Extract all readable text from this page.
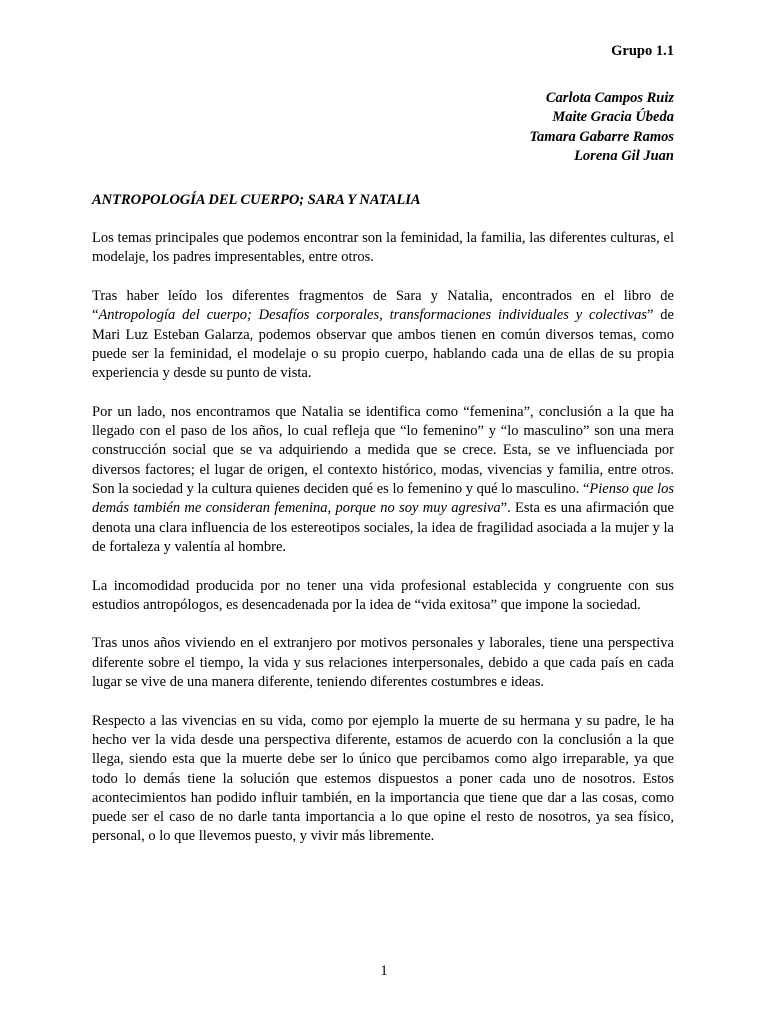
Grupo 1.1
Carlota Campos Ruiz
Maite Gracia Úbeda
Tamara Gabarre Ramos
Lorena Gil Juan
ANTROPOLOGÍA DEL CUERPO; SARA Y NATALIA

Los temas principales que podemos encontrar son la feminidad, la familia, las diferentes culturas, el modelaje, los padres impresentables, entre otros.

Tras haber leído los diferentes fragmentos de Sara y Natalia, encontrados en el libro de “Antropología del cuerpo; Desafíos corporales, transformaciones individuales y colectivas” de Mari Luz Esteban Galarza, podemos observar que ambos tienen en común diversos temas, como puede ser la feminidad, el modelaje o su propio cuerpo, hablando cada una de ellas de su propia experiencia y desde su punto de vista.

Por un lado, nos encontramos que Natalia se identifica como “femenina”, conclusión a la que ha llegado con el paso de los años, lo cual refleja que “lo femenino” y “lo masculino” son una mera construcción social que se va adquiriendo a medida que se crece. Esta, se ve influenciada por diversos factores; el lugar de origen, el contexto histórico, modas, vivencias y familia, entre otros. Son la sociedad y la cultura quienes deciden qué es lo femenino y qué lo masculino. “Pienso que los demás también me consideran femenina, porque no soy muy agresiva”. Esta es una afirmación que denota una clara influencia de los estereotipos sociales, la idea de fragilidad asociada a la mujer y la de fortaleza y valentía al hombre.

La incomodidad producida por no tener una vida profesional establecida y congruente con sus estudios antropólogos, es desencadenada por la idea de “vida exitosa” que impone la sociedad.

Tras unos años viviendo en el extranjero por motivos personales y laborales, tiene una perspectiva diferente sobre el tiempo, la vida y sus relaciones interpersonales, debido a que cada país en cada lugar se vive de una manera diferente, teniendo diferentes costumbres e ideas.

Respecto a las vivencias en su vida, como por ejemplo la muerte de su hermana y su padre, le ha hecho ver la vida desde una perspectiva diferente, estamos de acuerdo con la conclusión a la que llega, siendo esta que la muerte debe ser lo único que percibamos como algo irreparable, ya que todo lo demás tiene la solución que estemos dispuestos a poner cada uno de nosotros. Estos acontecimientos han podido influir también, en la importancia que tiene que dar a las cosas, como puede ser el caso de no darle tanta importancia a lo que opine el resto de nosotros, ya sea físico, personal, o lo que llevemos puesto, y vivir más libremente.

1
